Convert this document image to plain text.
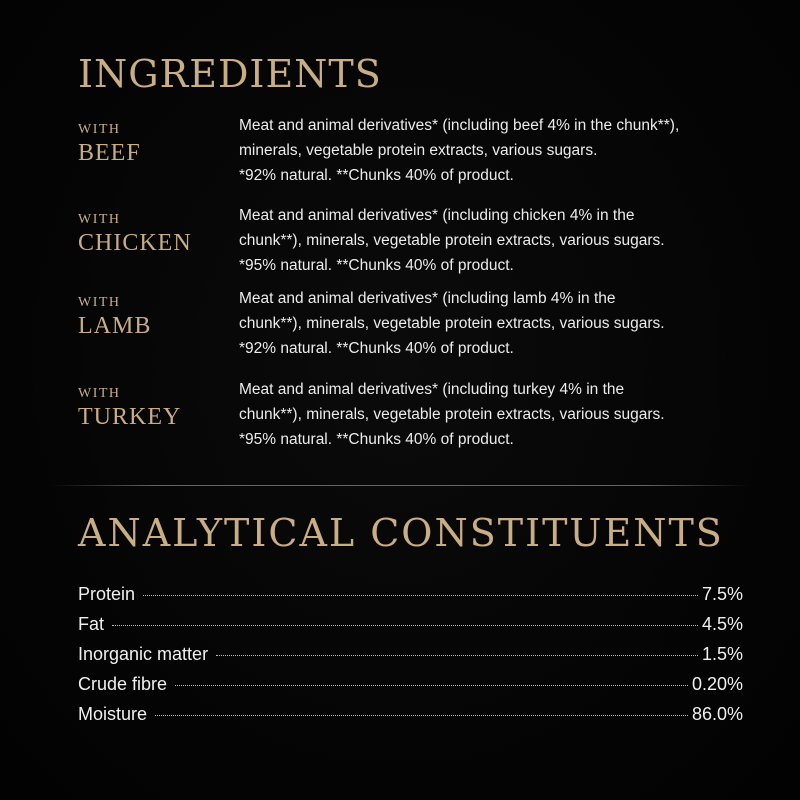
INGREDIENTS
WITH
BEEF
Meat and animal derivatives* (including beef 4% in the chunk**),
minerals, vegetable protein extracts, various sugars.
*92% natural. **Chunks 40% of product.
WITH
CHICKEN
Meat and animal derivatives* (including chicken 4% in the
chunk**), minerals, vegetable protein extracts, various sugars.
*95% natural. **Chunks 40% of product.
WITH
LAMB
Meat and animal derivatives* (including lamb 4% in the
chunk**), minerals, vegetable protein extracts, various sugars.
*92% natural. **Chunks 40% of product.
WITH
TURKEY
Meat and animal derivatives* (including turkey 4% in the
chunk**), minerals, vegetable protein extracts, various sugars.
*95% natural. **Chunks 40% of product.
ANALYTICAL CONSTITUENTS
Protein	7.5%
Fat	4.5%
Inorganic matter	1.5%
Crude fibre	0.20%
Moisture	86.0%
